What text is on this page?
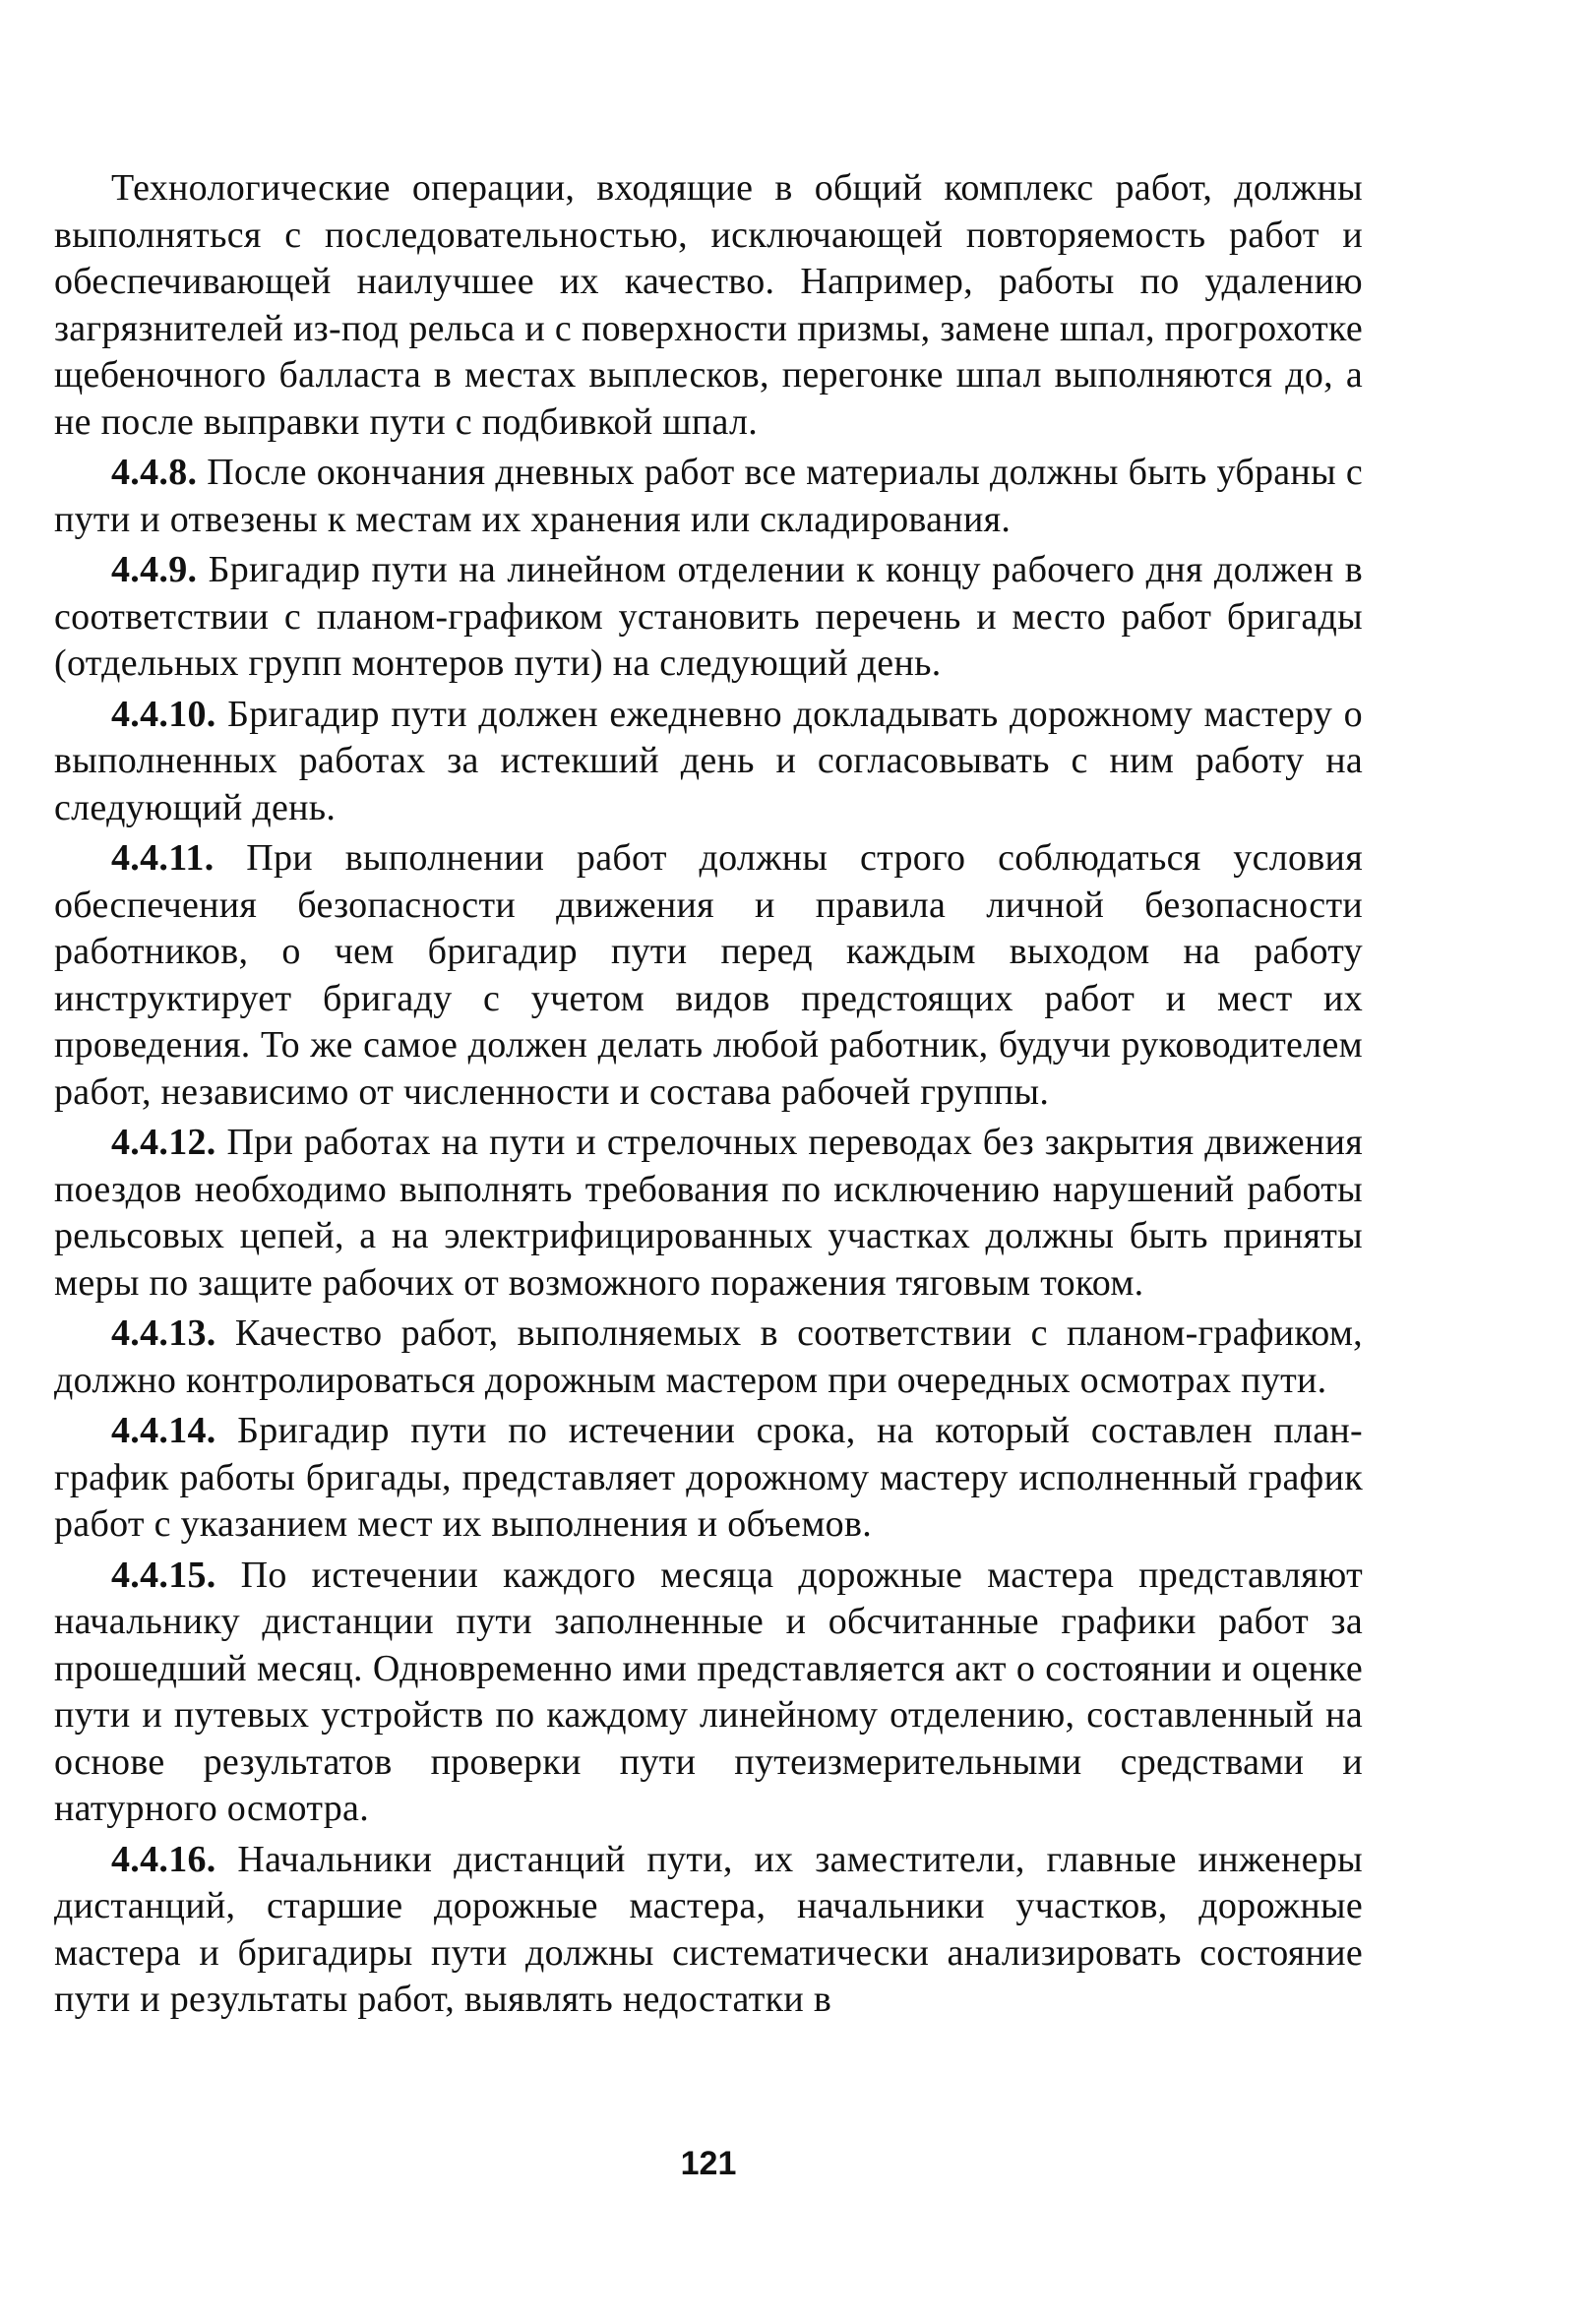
Технологические операции, входящие в общий комплекс работ, должны выполняться с последовательностью, исключающей повторяемость работ и обеспечивающей наилучшее их качество. Например, работы по удалению загрязнителей из-под рельса и с поверхности призмы, замене шпал, прогрохотке щебеночного балласта в местах выплесков, перегонке шпал выполняются до, а не после выправки пути с подбивкой шпал.

4.4.8. После окончания дневных работ все материалы должны быть убраны с пути и отвезены к местам их хранения или складирования.

4.4.9. Бригадир пути на линейном отделении к концу рабочего дня должен в соответствии с планом-графиком установить перечень и место работ бригады (отдельных групп монтеров пути) на следующий день.

4.4.10. Бригадир пути должен ежедневно докладывать дорожному мастеру о выполненных работах за истекший день и согласовывать с ним работу на следующий день.

4.4.11. При выполнении работ должны строго соблюдаться условия обеспечения безопасности движения и правила личной безопасности работников, о чем бригадир пути перед каждым выходом на работу инструктирует бригаду с учетом видов предстоящих работ и мест их проведения. То же самое должен делать любой работник, будучи руководителем работ, независимо от численности и состава рабочей группы.

4.4.12. При работах на пути и стрелочных переводах без закрытия движения поездов необходимо выполнять требования по исключению нарушений работы рельсовых цепей, а на электрифицированных участках должны быть приняты меры по защите рабочих от возможного поражения тяговым током.

4.4.13. Качество работ, выполняемых в соответствии с планом-графиком, должно контролироваться дорожным мастером при очередных осмотрах пути.

4.4.14. Бригадир пути по истечении срока, на который составлен план-график работы бригады, представляет дорожному мастеру исполненный график работ с указанием мест их выполнения и объемов.

4.4.15. По истечении каждого месяца дорожные мастера представляют начальнику дистанции пути заполненные и обсчитанные графики работ за прошедший месяц. Одновременно ими представляется акт о состоянии и оценке пути и путевых устройств по каждому линейному отделению, составленный на основе результатов проверки пути путеизмерительными средствами и натурного осмотра.

4.4.16. Начальники дистанций пути, их заместители, главные инженеры дистанций, старшие дорожные мастера, начальники участков, дорожные мастера и бригадиры пути должны систематически анализировать состояние пути и результаты работ, выявлять недостатки в

121
